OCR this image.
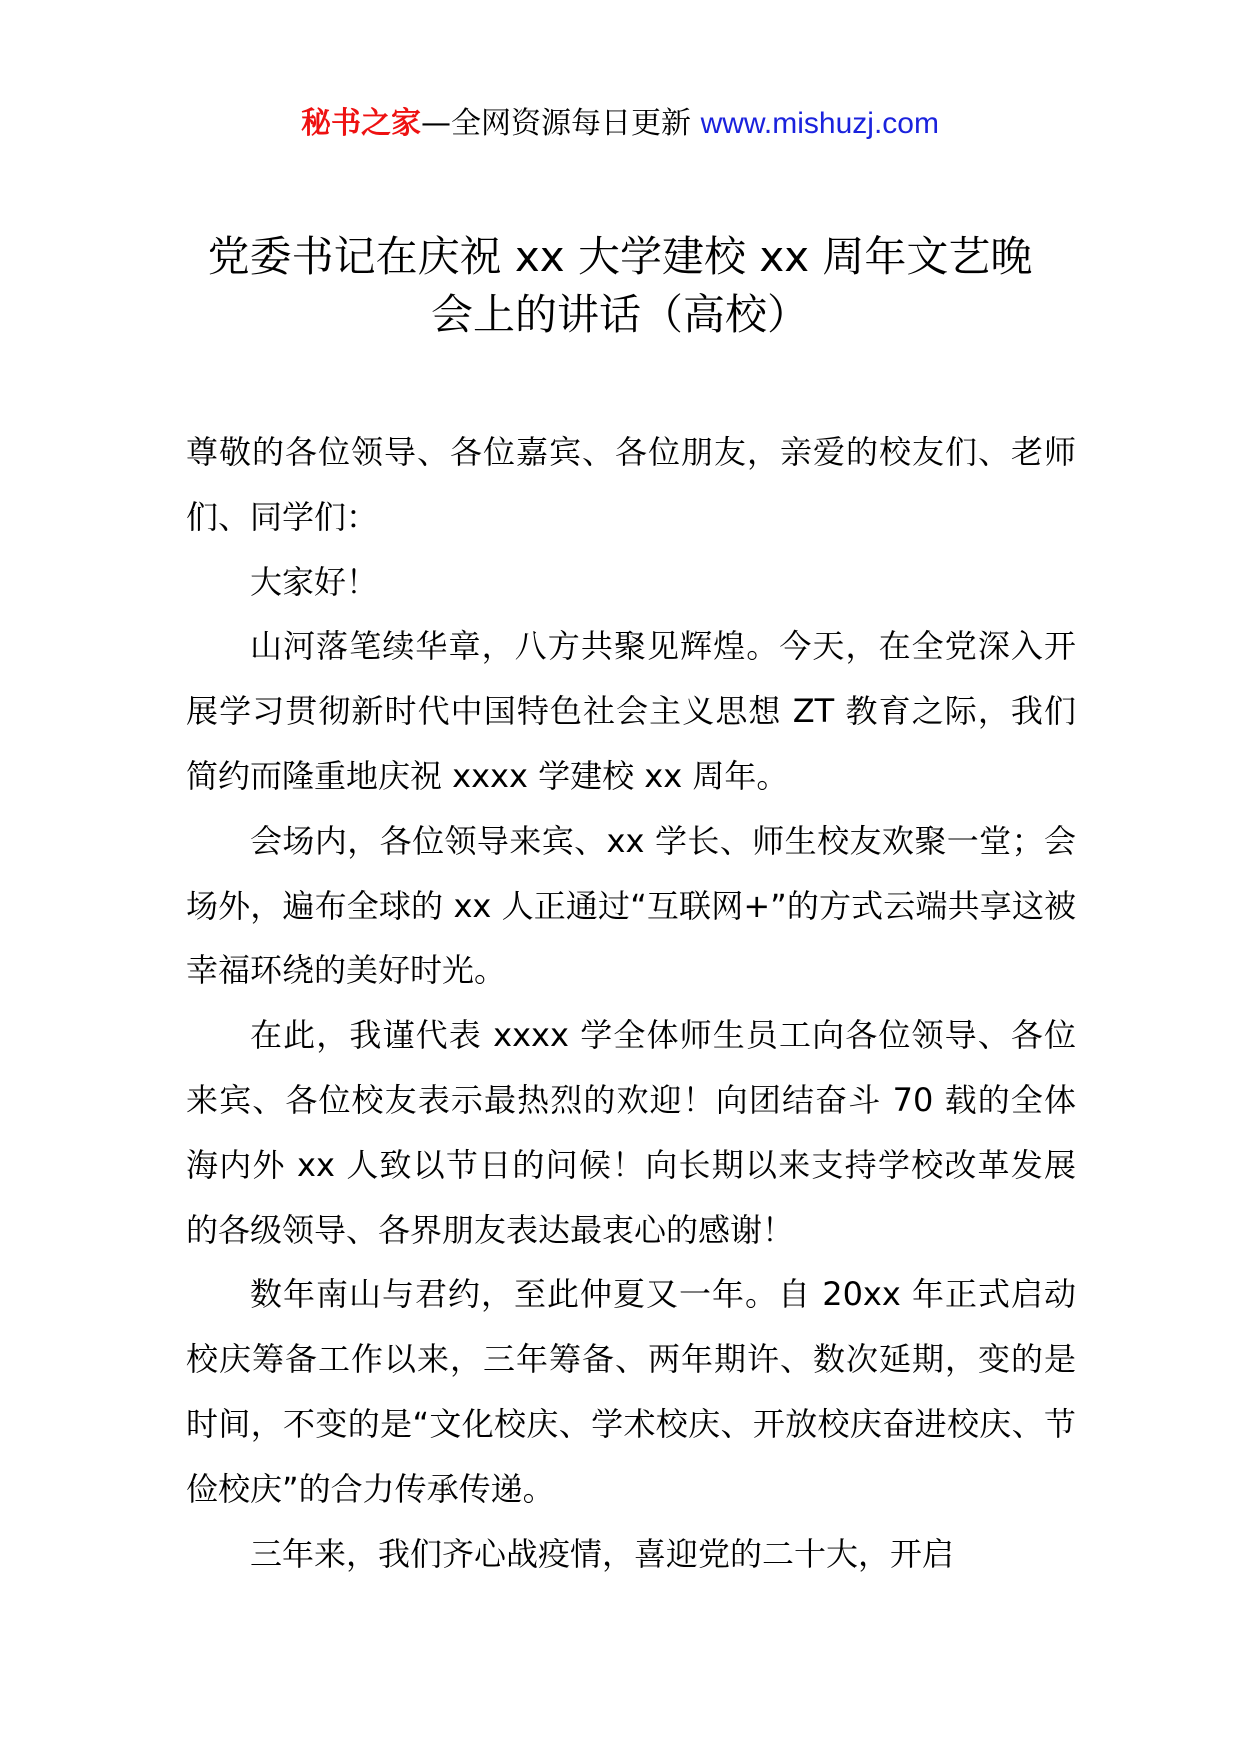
秘书之家—全网资源每日更新 www.mishuzj.com
党委书记在庆祝 xx 大学建校 xx 周年文艺晚
会上的讲话（高校）

尊敬的各位领导、各位嘉宾、各位朋友，亲爱的校友们、老师们、同学们：

大家好！

山河落笔续华章，八方共聚见辉煌。今天，在全党深入开展学习贯彻新时代中国特色社会主义思想 ZT 教育之际，我们简约而隆重地庆祝 xxxx 学建校 xx 周年。

会场内，各位领导来宾、xx 学长、师生校友欢聚一堂；会场外，遍布全球的 xx 人正通过“互联网+”的方式云端共享这被幸福环绕的美好时光。

在此，我谨代表 xxxx 学全体师生员工向各位领导、各位来宾、各位校友表示最热烈的欢迎！向团结奋斗 70 载的全体海内外 xx 人致以节日的问候！向长期以来支持学校改革发展的各级领导、各界朋友表达最衷心的感谢！

数年南山与君约，至此仲夏又一年。自 20xx 年正式启动校庆筹备工作以来，三年筹备、两年期许、数次延期，变的是时间，不变的是“文化校庆、学术校庆、开放校庆奋进校庆、节俭校庆”的合力传承传递。

三年来，我们齐心战疫情，喜迎党的二十大，开启
